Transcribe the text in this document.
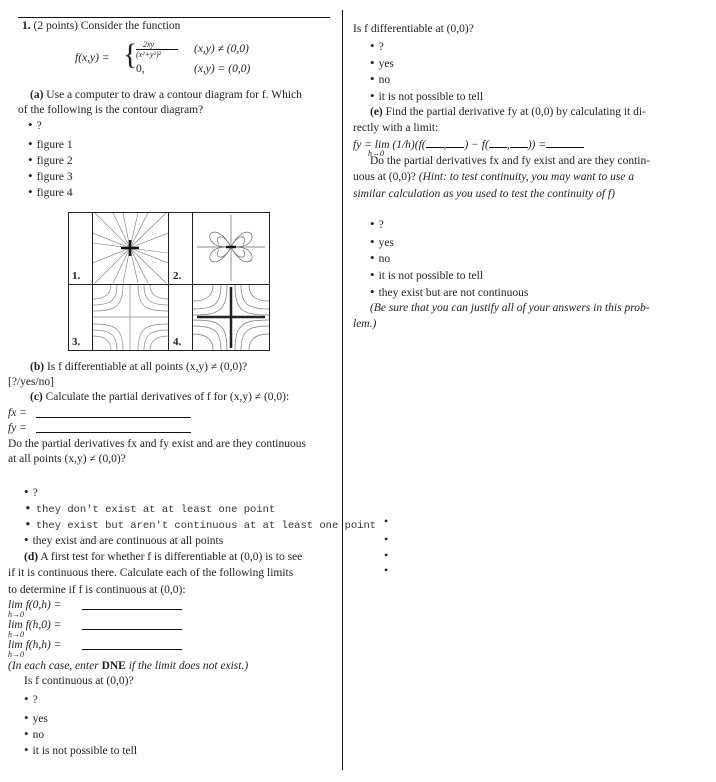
1. (2 points) Consider the function
f(x,y) = { 2xy
(x²+y²)²	(x,y) ≠ (0,0)
0,	(x,y) = (0,0)
(a) Use a computer to draw a contour diagram for f. Which
of the following is the contour diagram?
• ?
• figure 1
• figure 2
• figure 3
• figure 4
1.	2.
3.	4.
(b) Is f differentiable at all points (x,y) ≠ (0,0)?
[?/yes/no]
(c) Calculate the partial derivatives of f for (x,y) ≠ (0,0):
fx =
fy =
Do the partial derivatives fx and fy exist and are they continuous
at all points (x,y) ≠ (0,0)?
• ?
• they don't exist at at least one point
• they exist but aren't continuous at at least one point
• they exist and are continuous at all points
•
•
•
•
(d) A first test for whether f is differentiable at (0,0) is to see
if it is continuous there. Calculate each of the following limits
to determine if f is continuous at (0,0):
lim f(0,h) =
h→0
lim f(h,0) =
h→0
lim f(h,h) =
h→0
(In each case, enter DNE if the limit does not exist.)
Is f continuous at (0,0)?
• ?
• yes
• no
• it is not possible to tell
Is f differentiable at (0,0)?
• ?
• yes
• no
• it is not possible to tell
(e) Find the partial derivative fy at (0,0) by calculating it di-
rectly with a limit:
fy = lim (1/h)(f( , ) − f( , )) =
h→0
Do the partial derivatives fx and fy exist and are they contin-
uous at (0,0)? (Hint: to test continuity, you may want to use a
similar calculation as you used to test the continuity of f)
• ?
• yes
• no
• it is not possible to tell
• they exist but are not continuous
(Be sure that you can justify all of your answers in this prob-
lem.)
